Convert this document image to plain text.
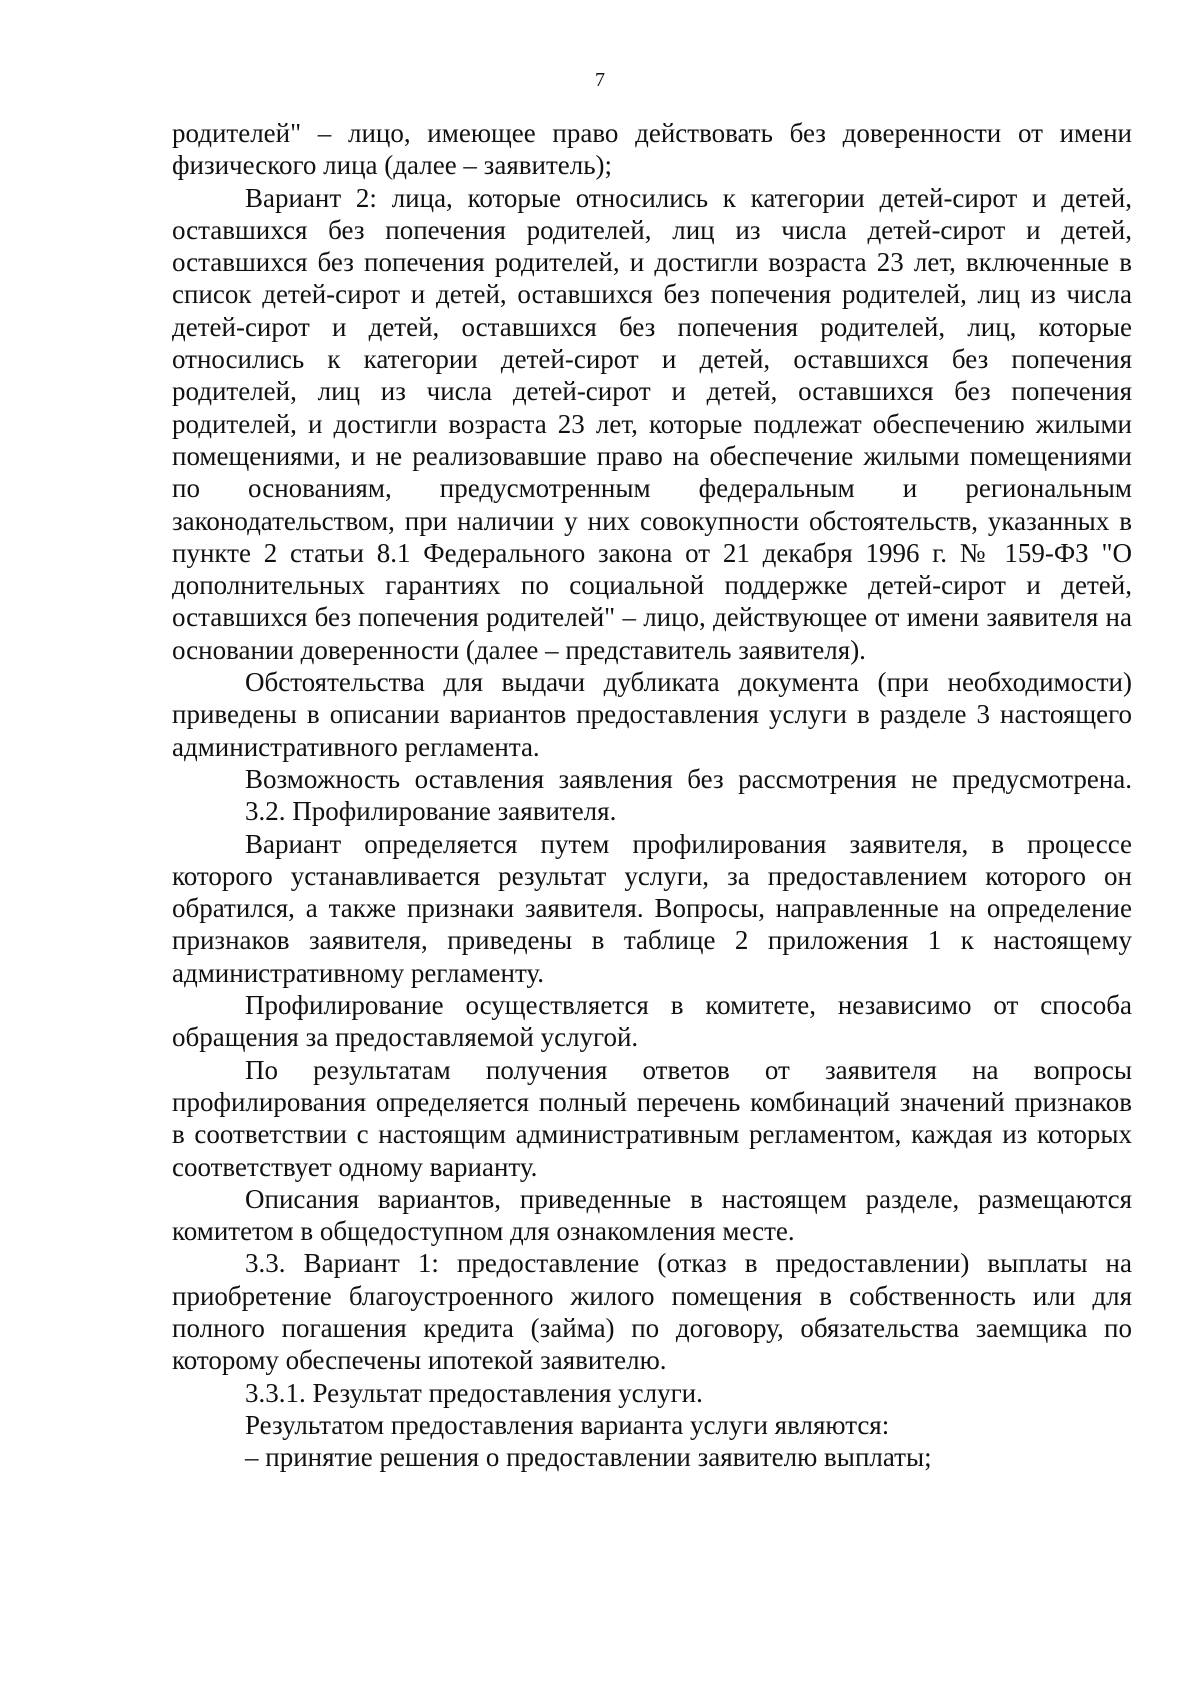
7

родителей" – лицо, имеющее право действовать без доверенности от имени физического лица (далее – заявитель);

Вариант 2: лица, которые относились к категории детей-сирот и детей, оставшихся без попечения родителей, лиц из числа детей-сирот и детей, оставшихся без попечения родителей, и достигли возраста 23 лет, включенные в список детей-сирот и детей, оставшихся без попечения родителей, лиц из числа детей-сирот и детей, оставшихся без попечения родителей, лиц, которые относились к категории детей-сирот и детей, оставшихся без попечения родителей, лиц из числа детей-сирот и детей, оставшихся без попечения родителей, и достигли возраста 23 лет, которые подлежат обеспечению жилыми помещениями, и не реализовавшие право на обеспечение жилыми помещениями по основаниям, предусмотренным федеральным и региональным законодательством, при наличии у них совокупности обстоятельств, указанных в пункте 2 статьи 8.1 Федерального закона от 21 декабря 1996 г. № 159-ФЗ "О дополнительных гарантиях по социальной поддержке детей-сирот и детей, оставшихся без попечения родителей" – лицо, действующее от имени заявителя на основании доверенности (далее – представитель заявителя).

Обстоятельства для выдачи дубликата документа (при необходимости) приведены в описании вариантов предоставления услуги в разделе 3 настоящего административного регламента.

Возможность оставления заявления без рассмотрения не предусмотрена.

3.2. Профилирование заявителя.

Вариант определяется путем профилирования заявителя, в процессе которого устанавливается результат услуги, за предоставлением которого он обратился, а также признаки заявителя. Вопросы, направленные на определение признаков заявителя, приведены в таблице 2 приложения 1 к настоящему административному регламенту.

Профилирование осуществляется в комитете, независимо от способа обращения за предоставляемой услугой.

По результатам получения ответов от заявителя на вопросы профилирования определяется полный перечень комбинаций значений признаков в соответствии с настоящим административным регламентом, каждая из которых соответствует одному варианту.

Описания вариантов, приведенные в настоящем разделе, размещаются комитетом в общедоступном для ознакомления месте.

3.3. Вариант 1: предоставление (отказ в предоставлении) выплаты на приобретение благоустроенного жилого помещения в собственность или для полного погашения кредита (займа) по договору, обязательства заемщика по которому обеспечены ипотекой заявителю.

3.3.1. Результат предоставления услуги.

Результатом предоставления варианта услуги являются:

– принятие решения о предоставлении заявителю выплаты;
